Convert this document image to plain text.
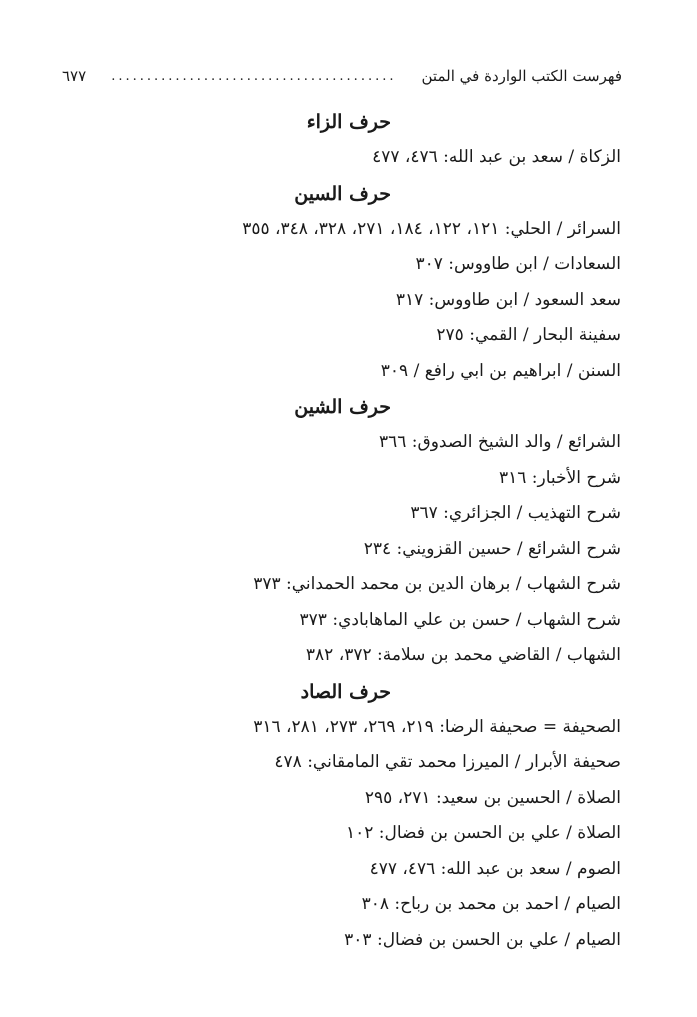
فهرست الكتب الواردة في المتن
........................................
٦٧٧
حرف الزاء
الزكاة / سعد بن عبد الله: ٤٧٦، ٤٧٧
حرف السين
السرائر / الحلي: ١٢١، ١٢٢، ١٨٤، ٢٧١، ٣٢٨، ٣٤٨، ٣٥٥
السعادات / ابن طاووس: ٣٠٧
سعد السعود / ابن طاووس: ٣١٧
سفينة البحار / القمي: ٢٧٥
السنن / ابراهيم بن ابي رافع / ٣٠٩
حرف الشين
الشرائع / والد الشيخ الصدوق: ٣٦٦
شرح الأخبار: ٣١٦
شرح التهذيب / الجزائري: ٣٦٧
شرح الشرائع / حسين القزويني: ٢٣٤
شرح الشهاب / برهان الدين بن محمد الحمداني: ٣٧٣
شرح الشهاب / حسن بن علي الماهابادي: ٣٧٣
الشهاب / القاضي محمد بن سلامة: ٣٧٢، ٣٨٢
حرف الصاد
الصحيفة = صحيفة الرضا: ٢١٩، ٢٦٩، ٢٧٣، ٢٨١، ٣١٦
صحيفة الأبرار / الميرزا محمد تقي المامقاني: ٤٧٨
الصلاة / الحسين بن سعيد: ٢٧١، ٢٩٥
الصلاة / علي بن الحسن بن فضال: ١٠٢
الصوم / سعد بن عبد الله: ٤٧٦، ٤٧٧
الصيام / احمد بن محمد بن رباح: ٣٠٨
الصيام / علي بن الحسن بن فضال: ٣٠٣
